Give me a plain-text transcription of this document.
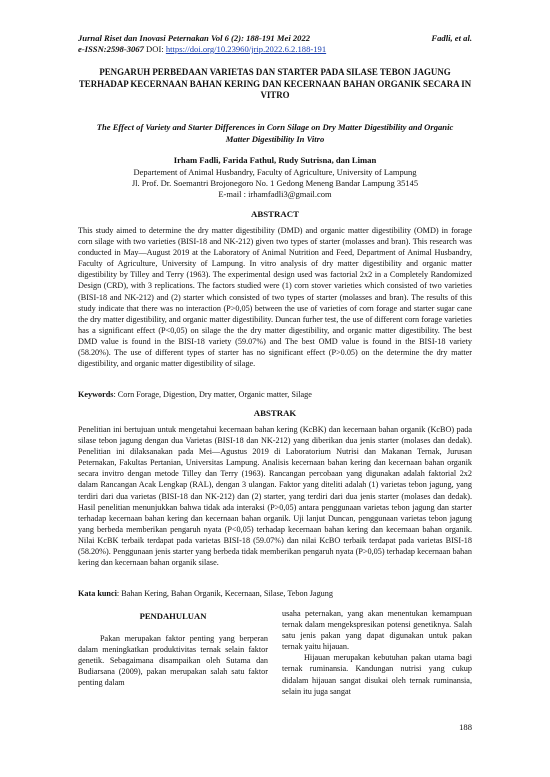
Jurnal Riset dan Inovasi Peternakan Vol 6 (2): 188-191 Mei 2022
e-ISSN:2598-3067 DOI: https://doi.org/10.23960/jrip.2022.6.2.188-191
Fadli, et al.
PENGARUH PERBEDAAN VARIETAS DAN STARTER PADA SILASE TEBON JAGUNG TERHADAP KECERNAAN BAHAN KERING DAN KECERNAAN BAHAN ORGANIK SECARA IN VITRO
The Effect of Variety and Starter Differences in Corn Silage on Dry Matter Digestibility and Organic Matter Digestibility In Vitro
Irham Fadli, Farida Fathul, Rudy Sutrisna, dan Liman
Departement of Animal Husbandry, Faculty of Agriculture, University of Lampung
Jl. Prof. Dr. Soemantri Brojonegoro No. 1 Gedong Meneng Bandar Lampung 35145
E-mail : irhamfadli3@gmail.com
ABSTRACT
This study aimed to determine the dry matter digestibility (DMD) and organic matter digestibility (OMD) in forage corn silage with two varieties (BISI-18 and NK-212) given two types of starter (molasses and bran). This research was conducted in May—August 2019 at the Laboratory of Animal Nutrition and Feed, Department of Animal Husbandry, Faculty of Agriculture, University of Lampung. In vitro analysis of dry matter digestibility and organic matter digestibility by Tilley and Terry (1963). The experimental design used was factorial 2x2 in a Completely Randomized Design (CRD), with 3 replications. The factors studied were (1) corn stover varieties which consisted of two varieties (BISI-18 and NK-212) and (2) starter which consisted of two types of starter (molasses and bran). The results of this study indicate that there was no interaction (P>0,05) between the use of varieties of corn forage and starter sugar cane the dry matter digestibility, and organic matter digestibility. Duncan furher test, the use of different corn forage varieties has a significant effect (P<0,05) on silage the the dry matter digestibility, and organic matter digestibility. The best DMD value is found in the BISI-18 variety (59.07%) and The best OMD value is found in the BISI-18 variety (58.20%). The use of different types of starter has no significant effect (P>0.05) on the determine the dry matter digestibility, and organic matter digestibility of silage.
Keywords: Corn Forage, Digestion, Dry matter, Organic matter, Silage
ABSTRAK
Penelitian ini bertujuan untuk mengetahui kecernaan bahan kering (KcBK) dan kecernaan bahan organik (KcBO) pada silase tebon jagung dengan dua Varietas (BISI-18 dan NK-212) yang diberikan dua jenis starter (molases dan dedak). Penelitian ini dilaksanakan pada Mei—Agustus 2019 di Laboratorium Nutrisi dan Makanan Ternak, Jurusan Peternakan, Fakultas Pertanian, Universitas Lampung. Analisis kecernaan bahan kering dan kecernaan bahan organik secara invitro dengan metode Tilley dan Terry (1963). Rancangan percobaan yang digunakan adalah faktorial 2x2 dalam Rancangan Acak Lengkap (RAL), dengan 3 ulangan. Faktor yang diteliti adalah (1) varietas tebon jagung, yang terdiri dari dua varietas (BISI-18 dan NK-212) dan (2) starter, yang terdiri dari dua jenis starter (molases dan dedak). Hasil penelitian menunjukkan bahwa tidak ada interaksi (P>0,05) antara penggunaan varietas tebon jagung dan starter terhadap kecernaan bahan kering dan kecernaan bahan organik. Uji lanjut Duncan, penggunaan varietas tebon jagung yang berbeda memberikan pengaruh nyata (P<0,05) terhadap kecernaan bahan kering dan kecernaan bahan organik. Nilai KcBK terbaik terdapat pada varietas BISI-18 (59.07%) dan nilai KcBO terbaik terdapat pada varietas BISI-18 (58.20%). Penggunaan jenis starter yang berbeda tidak memberikan pengaruh nyata (P>0,05) terhadap kecernaan bahan kering dan kecernaan bahan organik silase.
Kata kunci: Bahan Kering, Bahan Organik, Kecernaan, Silase, Tebon Jagung
PENDAHULUAN
Pakan merupakan faktor penting yang berperan dalam meningkatkan produktivitas ternak selain faktor genetik. Sebagaimana disampaikan oleh Sutama dan Budiarsana (2009), pakan merupakan salah satu faktor penting dalam
usaha peternakan, yang akan menentukan kemampuan ternak dalam mengekspresikan potensi genetiknya. Salah satu jenis pakan yang dapat digunakan untuk pakan ternak yaitu hijauan.
Hijauan merupakan kebutuhan pakan utama bagi ternak ruminansia. Kandungan nutrisi yang cukup didalam hijauan sangat disukai oleh ternak ruminansia, selain itu juga sangat
188
